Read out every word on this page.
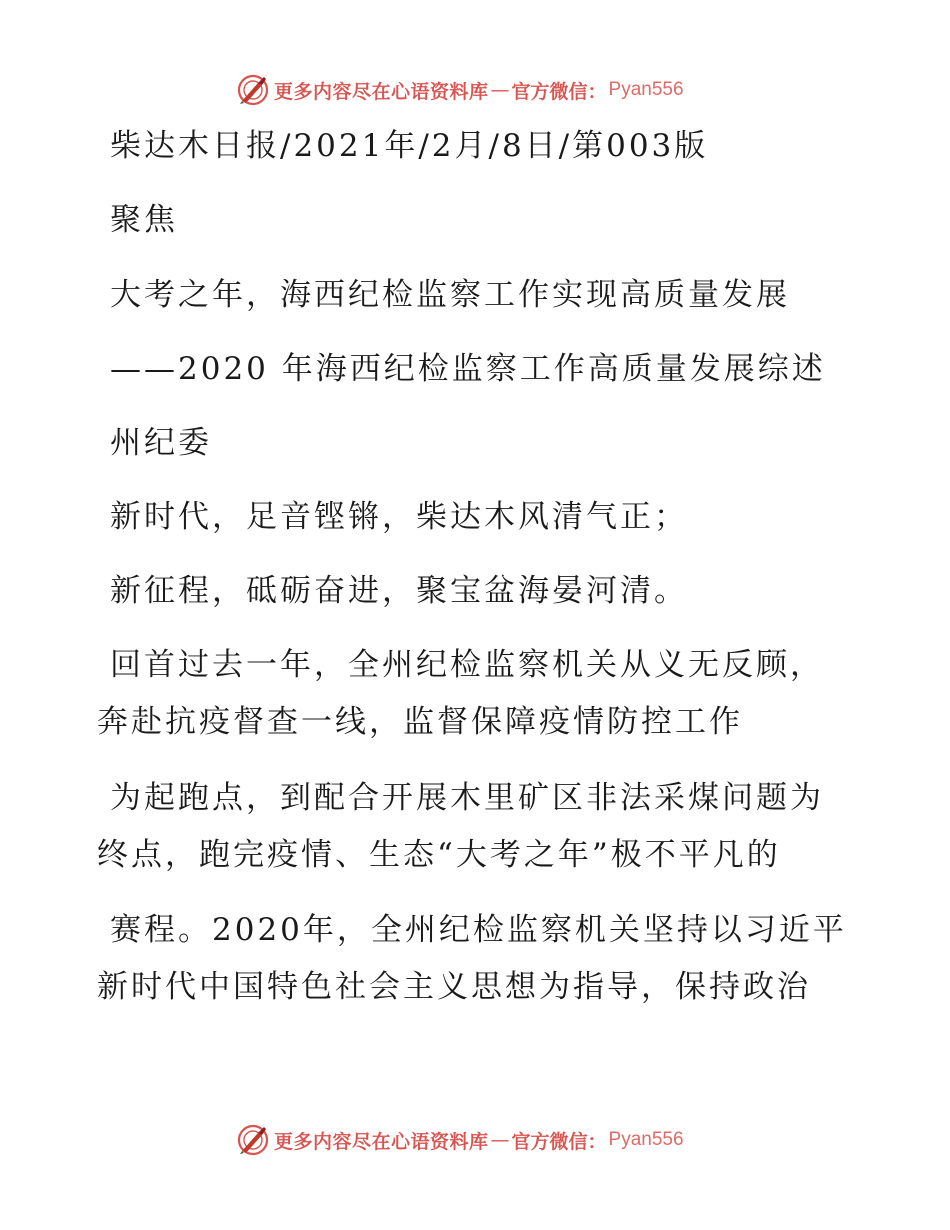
更多内容尽在心语资料库 — 官方微信： Pyan556
柴达木日报/2021年/2月/8日/第003版
聚焦
大考之年，海西纪检监察工作实现高质量发展
——2020 年海西纪检监察工作高质量发展综述
州纪委
新时代，足音铿锵，柴达木风清气正；
新征程，砥砺奋进，聚宝盆海晏河清。
回首过去一年，全州纪检监察机关从义无反顾，
奔赴抗疫督查一线，监督保障疫情防控工作
为起跑点，到配合开展木里矿区非法采煤问题为
终点，跑完疫情、生态“大考之年”极不平凡的
赛程。2020年，全州纪检监察机关坚持以习近平
新时代中国特色社会主义思想为指导，保持政治
更多内容尽在心语资料库 — 官方微信： Pyan556
